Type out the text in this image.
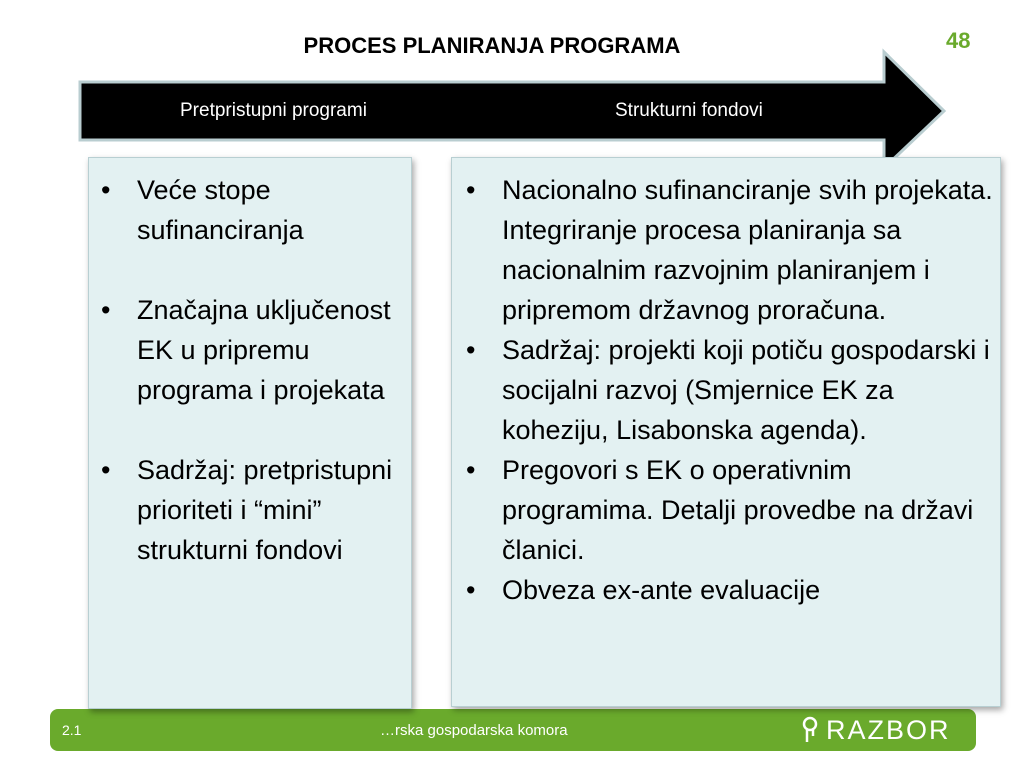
PROCES PLANIRANJA PROGRAMA	48
Pretpristupni programi	Strukturni fondovi
2.1	…rska gospodarska komora	RAZBOR
• Veće stope sufinanciranja
• Značajna uključenost EK u pripremu programa i projekata
• Sadržaj: pretpristupni prioriteti i “mini” strukturni fondovi
• Nacionalno sufinanciranje svih projekata. Integriranje procesa planiranja sa nacionalnim razvojnim planiranjem i pripremom državnog proračuna.
• Sadržaj: projekti koji potiču gospodarski i socijalni razvoj (Smjernice EK za koheziju, Lisabonska agenda).
• Pregovori s EK o operativnim programima. Detalji provedbe na državi članici.
• Obveza ex-ante evaluacije
